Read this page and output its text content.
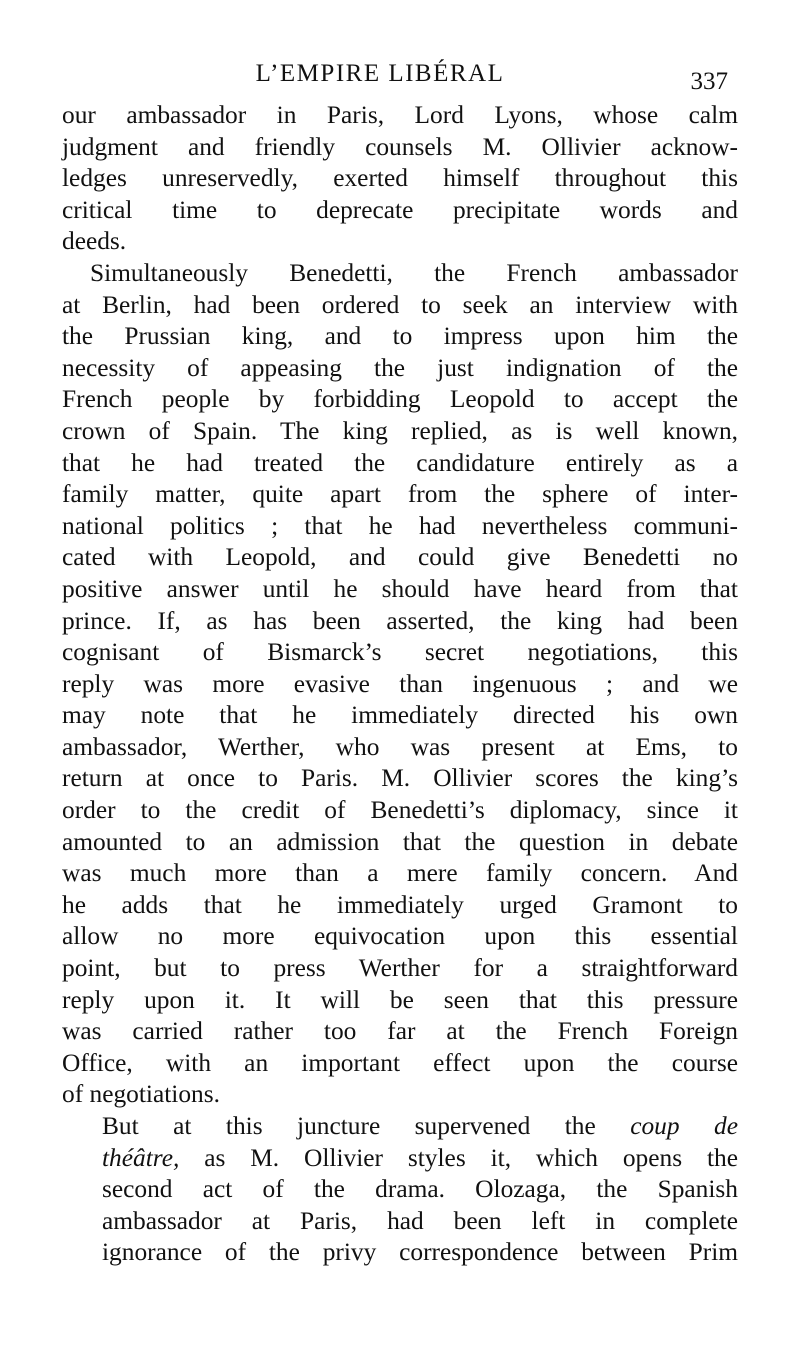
L’EMPIRE LIBÉRAL	337
our ambassador in Paris, Lord Lyons, whose calm
judgment and friendly counsels M. Ollivier acknow-
ledges unreservedly, exerted himself throughout this
critical time to deprecate precipitate words and
deeds.
Simultaneously Benedetti, the French ambassador
at Berlin, had been ordered to seek an interview with
the Prussian king, and to impress upon him the
necessity of appeasing the just indignation of the
French people by forbidding Leopold to accept the
crown of Spain. The king replied, as is well known,
that he had treated the candidature entirely as a
family matter, quite apart from the sphere of inter-
national politics ; that he had nevertheless communi-
cated with Leopold, and could give Benedetti no
positive answer until he should have heard from that
prince. If, as has been asserted, the king had been
cognisant of Bismarck’s secret negotiations, this
reply was more evasive than ingenuous ; and we
may note that he immediately directed his own
ambassador, Werther, who was present at Ems, to
return at once to Paris. M. Ollivier scores the king’s
order to the credit of Benedetti’s diplomacy, since it
amounted to an admission that the question in debate
was much more than a mere family concern. And
he adds that he immediately urged Gramont to
allow no more equivocation upon this essential
point, but to press Werther for a straightforward
reply upon it. It will be seen that this pressure
was carried rather too far at the French Foreign
Office, with an important effect upon the course
of negotiations.
But at this juncture supervened the coup de
théâtre, as M. Ollivier styles it, which opens the
second act of the drama. Olozaga, the Spanish
ambassador at Paris, had been left in complete
ignorance of the privy correspondence between Prim
